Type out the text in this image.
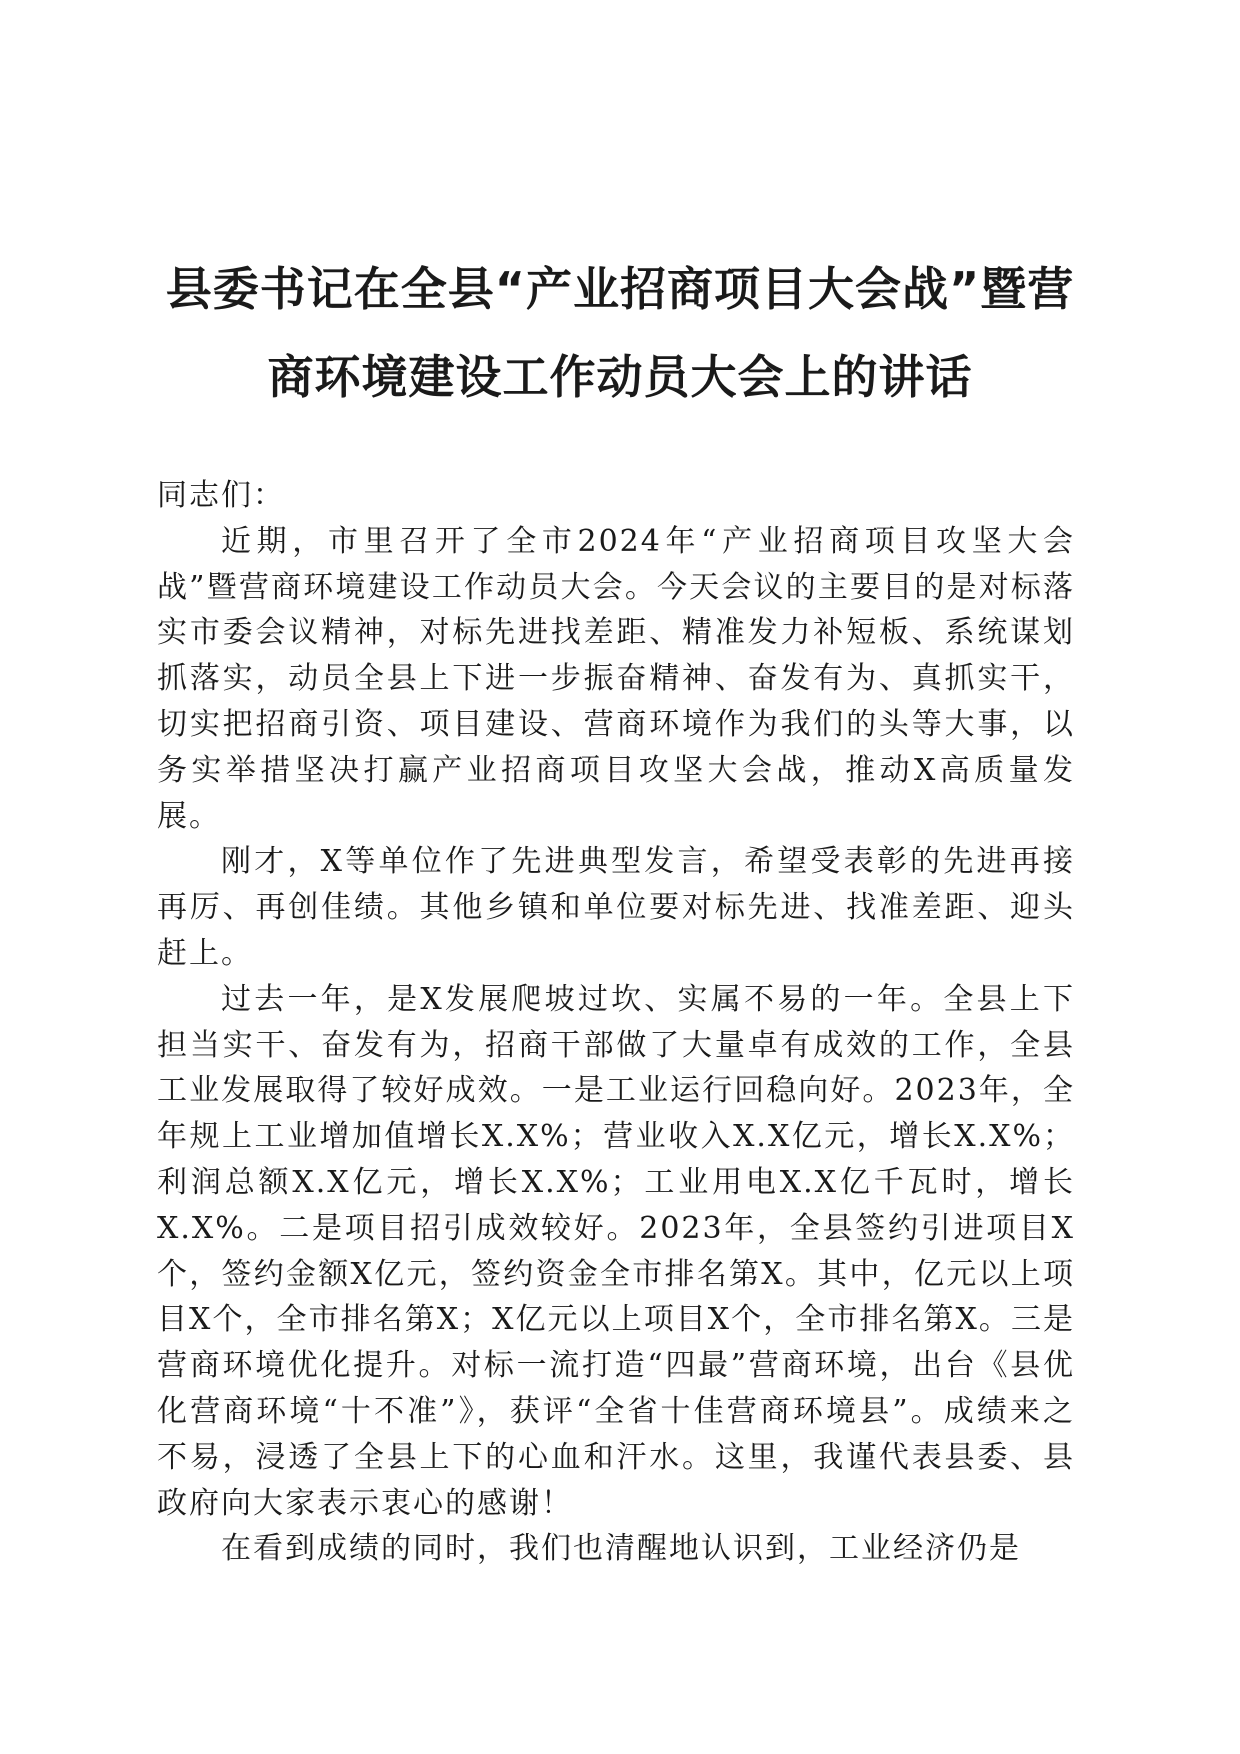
县委书记在全县“产业招商项目大会战”暨营
商环境建设工作动员大会上的讲话

同志们：

近期，市里召开了全市2024年“产业招商项目攻坚大会战”暨营商环境建设工作动员大会。今天会议的主要目的是对标落实市委会议精神，对标先进找差距、精准发力补短板、系统谋划抓落实，动员全县上下进一步振奋精神、奋发有为、真抓实干，切实把招商引资、项目建设、营商环境作为我们的头等大事，以务实举措坚决打赢产业招商项目攻坚大会战，推动X高质量发展。

刚才，X等单位作了先进典型发言，希望受表彰的先进再接再厉、再创佳绩。其他乡镇和单位要对标先进、找准差距、迎头赶上。

过去一年，是X发展爬坡过坎、实属不易的一年。全县上下担当实干、奋发有为，招商干部做了大量卓有成效的工作，全县工业发展取得了较好成效。一是工业运行回稳向好。2023年，全年规上工业增加值增长X.X%；营业收入X.X亿元，增长X.X%；利润总额X.X亿元，增长X.X%；工业用电X.X亿千瓦时，增长X.X%。二是项目招引成效较好。2023年，全县签约引进项目X个，签约金额X亿元，签约资金全市排名第X。其中，亿元以上项目X个，全市排名第X；X亿元以上项目X个，全市排名第X。三是营商环境优化提升。对标一流打造“四最”营商环境，出台《县优化营商环境“十不准”》，获评“全省十佳营商环境县”。成绩来之不易，浸透了全县上下的心血和汗水。这里，我谨代表县委、县政府向大家表示衷心的感谢！

在看到成绩的同时，我们也清醒地认识到，工业经济仍是
